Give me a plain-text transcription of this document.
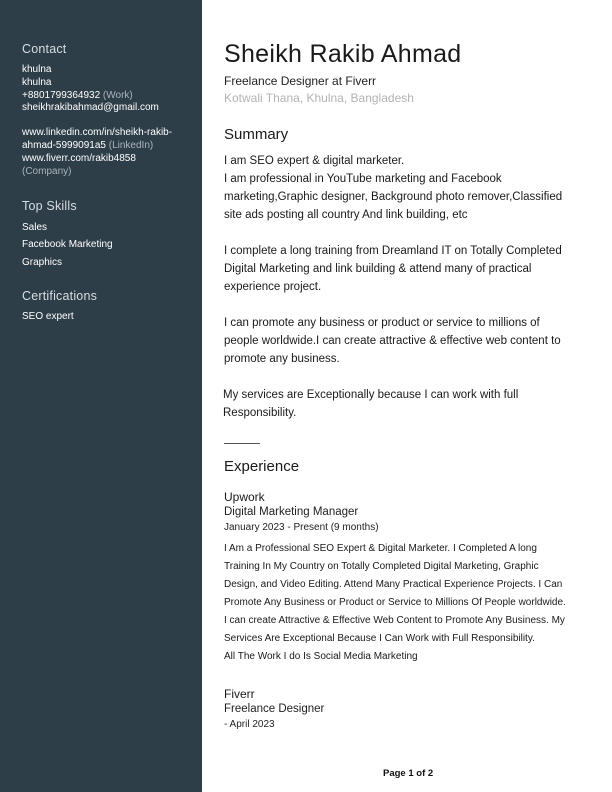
Contact
khulna
khulna
+8801799364932 (Work)
sheikhrakibahmad@gmail.com
www.linkedin.com/in/sheikh-rakib-
ahmad-5999091a5 (LinkedIn)
www.fiverr.com/rakib4858
(Company)
Top Skills
Sales
Facebook Marketing
Graphics
Certifications
SEO expert
Sheikh Rakib Ahmad
Freelance Designer at Fiverr
Kotwali Thana, Khulna, Bangladesh
Summary
I am SEO expert & digital marketer.
I am professional in YouTube marketing and Facebook
marketing,Graphic designer, Background photo remover,Classified
site ads posting all country And link building, etc
I complete a long training from Dreamland IT on Totally Completed
Digital Marketing and link building & attend many of practical
experience project.
I can promote any business or product or service to millions of
people worldwide.I can create attractive & effective web content to
promote any business.
My services are Exceptionally because I can work with full
Responsibility.
Experience
Upwork
Digital Marketing Manager
January 2023 - Present (9 months)
I Am a Professional SEO Expert & Digital Marketer. I Completed A long
Training In My Country on Totally Completed Digital Marketing, Graphic
Design, and Video Editing. Attend Many Practical Experience Projects. I Can
Promote Any Business or Product or Service to Millions Of People worldwide.
I can create Attractive & Effective Web Content to Promote Any Business. My
Services Are Exceptional Because I Can Work with Full Responsibility.
All The Work I do Is Social Media Marketing
Fiverr
Freelance Designer
- April 2023
Page 1 of 2
